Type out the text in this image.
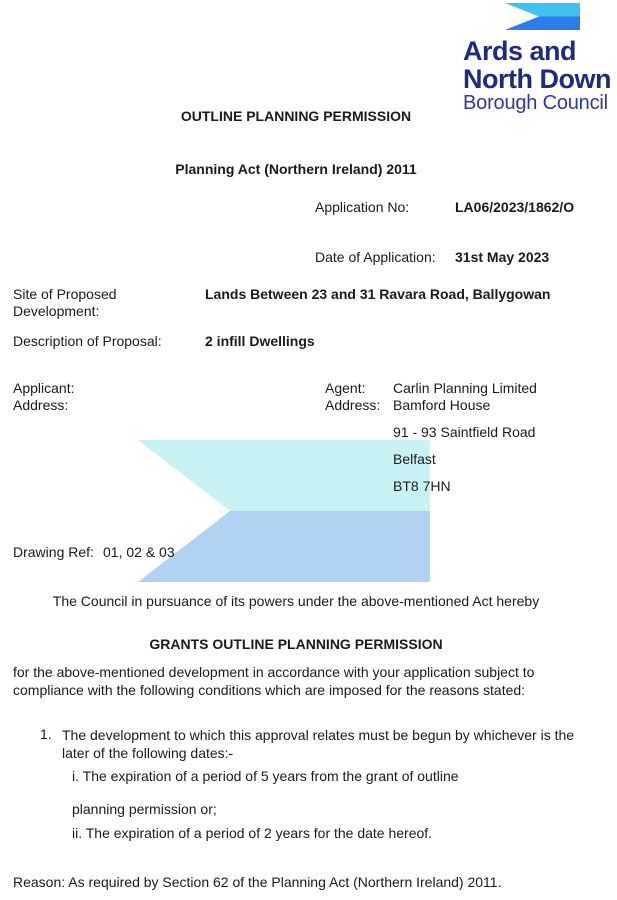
Ards and
North Down
Borough Council
OUTLINE PLANNING PERMISSION
Planning Act (Northern Ireland) 2011
Application No:	LA06/2023/1862/O
Date of Application: 31st May 2023
Site of Proposed Development:
Lands Between 23 and 31 Ravara Road, Ballygowan
Description of Proposal:	2 infill Dwellings
Applicant:
Address:
Agent: Carlin Planning Limited
Address: Bamford House
91 - 93 Saintfield Road
Belfast
BT8 7HN
Drawing Ref: 01, 02 & 03
The Council in pursuance of its powers under the above-mentioned Act hereby
GRANTS OUTLINE PLANNING PERMISSION
for the above-mentioned development in accordance with your application subject to compliance with the following conditions which are imposed for the reasons stated:
1. The development to which this approval relates must be begun by whichever is the later of the following dates:-
i. The expiration of a period of 5 years from the grant of outline
planning permission or;
ii. The expiration of a period of 2 years for the date hereof.
Reason: As required by Section 62 of the Planning Act (Northern Ireland) 2011.
